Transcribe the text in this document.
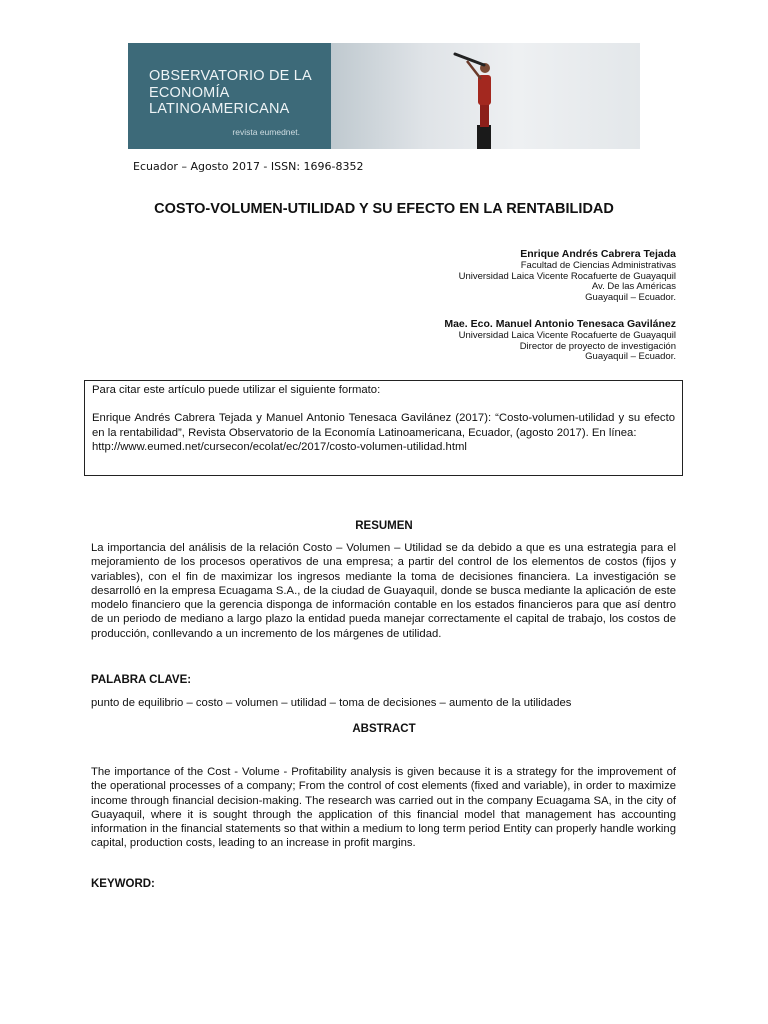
OBSERVATORIO DE LA
ECONOMÍA
LATINOAMERICANA
revista eumednet.
Ecuador – Agosto 2017 - ISSN: 1696-8352
COSTO-VOLUMEN-UTILIDAD Y SU EFECTO EN LA RENTABILIDAD
Enrique Andrés Cabrera Tejada
Facultad de Ciencias Administrativas
Universidad Laica Vicente Rocafuerte de Guayaquil
Av. De las Américas
Guayaquil – Ecuador.
Mae. Eco. Manuel Antonio Tenesaca Gavilánez
Universidad Laica Vicente Rocafuerte de Guayaquil
Director de proyecto de investigación
Guayaquil – Ecuador.
Para citar este artículo puede utilizar el siguiente formato:
Enrique Andrés Cabrera Tejada y Manuel Antonio Tenesaca Gavilánez (2017): “Costo-volumen-utilidad y su efecto en la rentabilidad”, Revista Observatorio de la Economía Latinoamericana, Ecuador, (agosto 2017). En línea:
http://www.eumed.net/cursecon/ecolat/ec/2017/costo-volumen-utilidad.html
RESUMEN
La importancia del análisis de la relación Costo – Volumen – Utilidad se da debido a que es una estrategia para el mejoramiento de los procesos operativos de una empresa; a partir del control de los elementos de costos (fijos y variables), con el fin de maximizar los ingresos mediante la toma de decisiones financiera. La investigación se desarrolló en la empresa Ecuagama S.A., de la ciudad de Guayaquil, donde se busca mediante la aplicación de este modelo financiero que la gerencia disponga de información contable en los estados financieros para que así dentro de un periodo de mediano a largo plazo la entidad pueda manejar correctamente el capital de trabajo, los costos de producción, conllevando a un incremento de los márgenes de utilidad.
PALABRA CLAVE:
punto de equilibrio – costo – volumen – utilidad – toma de decisiones – aumento de la utilidades
ABSTRACT
The importance of the Cost - Volume - Profitability analysis is given because it is a strategy for the improvement of the operational processes of a company; From the control of cost elements (fixed and variable), in order to maximize income through financial decision-making. The research was carried out in the company Ecuagama SA, in the city of Guayaquil, where it is sought through the application of this financial model that management has accounting information in the financial statements so that within a medium to long term period Entity can properly handle working capital, production costs, leading to an increase in profit margins.
KEYWORD:
